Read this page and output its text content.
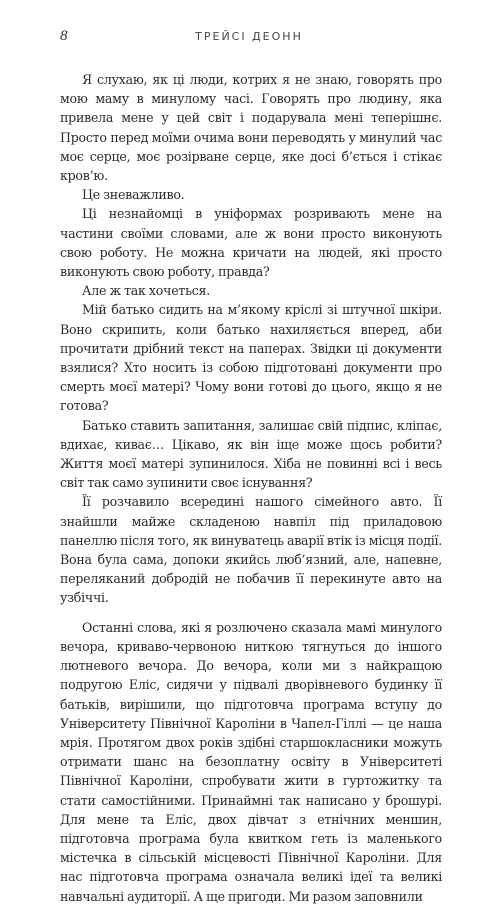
8	ТРЕЙСІ ДЕОНН

Я слухаю, як ці люди, котрих я не знаю, говорять про мою маму в минулому часі. Говорять про людину, яка привела мене у цей світ і подарувала мені теперішнє. Просто перед моїми очима вони переводять у минулий час моє серце, моє розірване серце, яке досі б’ється і стікає кров’ю.

Це зневажливо.

Ці незнайомці в уніформах розривають мене на частини своїми словами, але ж вони просто виконують свою роботу. Не можна кричати на людей, які просто виконують свою роботу, правда?

Але ж так хочеться.

Мій батько сидить на м’якому кріслі зі штучної шкіри. Воно скрипить, коли батько нахиляється вперед, аби прочитати дрібний текст на паперах. Звідки ці документи взялися? Хто носить із собою підготовані документи про смерть моєї матері? Чому вони готові до цього, якщо я не готова?

Батько ставить запитання, залишає свій підпис, кліпає, вдихає, киває… Цікаво, як він іще може щось робити? Життя моєї матері зупинилося. Хіба не повинні всі і весь світ тaк само зупинити своє існування?

Її розчавило всередині нашого сімейного авто. Її знайшли майже складеною навпіл під приладовою панеллю після того, як винуватець аварії втік із місця події. Вона була сама, допоки якийсь люб’язний, але, напевне, переляканий добродій не побачив її перекинуте авто на узбіччі.

Останні слова, які я розлючено сказала мамі минулого вечора, криваво-червоною ниткою тягнуться до іншого лютневого вечора. До вечора, коли ми з найкращою подругою Еліс, сидячи у підвалі дворівневого будинку її батьків, вирішили, що підготовча програма вступу до Університету Північної Кароліни в Чапел-Гіллі — це наша мрія. Протягом двох років здібні старшокласники можуть отримати шанс на безоплатну освіту в Університеті Північної Кароліни, спробувати жити в гуртожитку та стати самостійними. Принаймні так написано у брошурі. Для мене та Еліс, двох дівчат з етнічних меншин, підготовча програма була квитком геть із маленького містечка в сільській місцевості Північної Кароліни. Для нас підготовча програма означала великі ідеї та великі навчальні аудиторії. А ще пригоди. Ми разом заповнили
